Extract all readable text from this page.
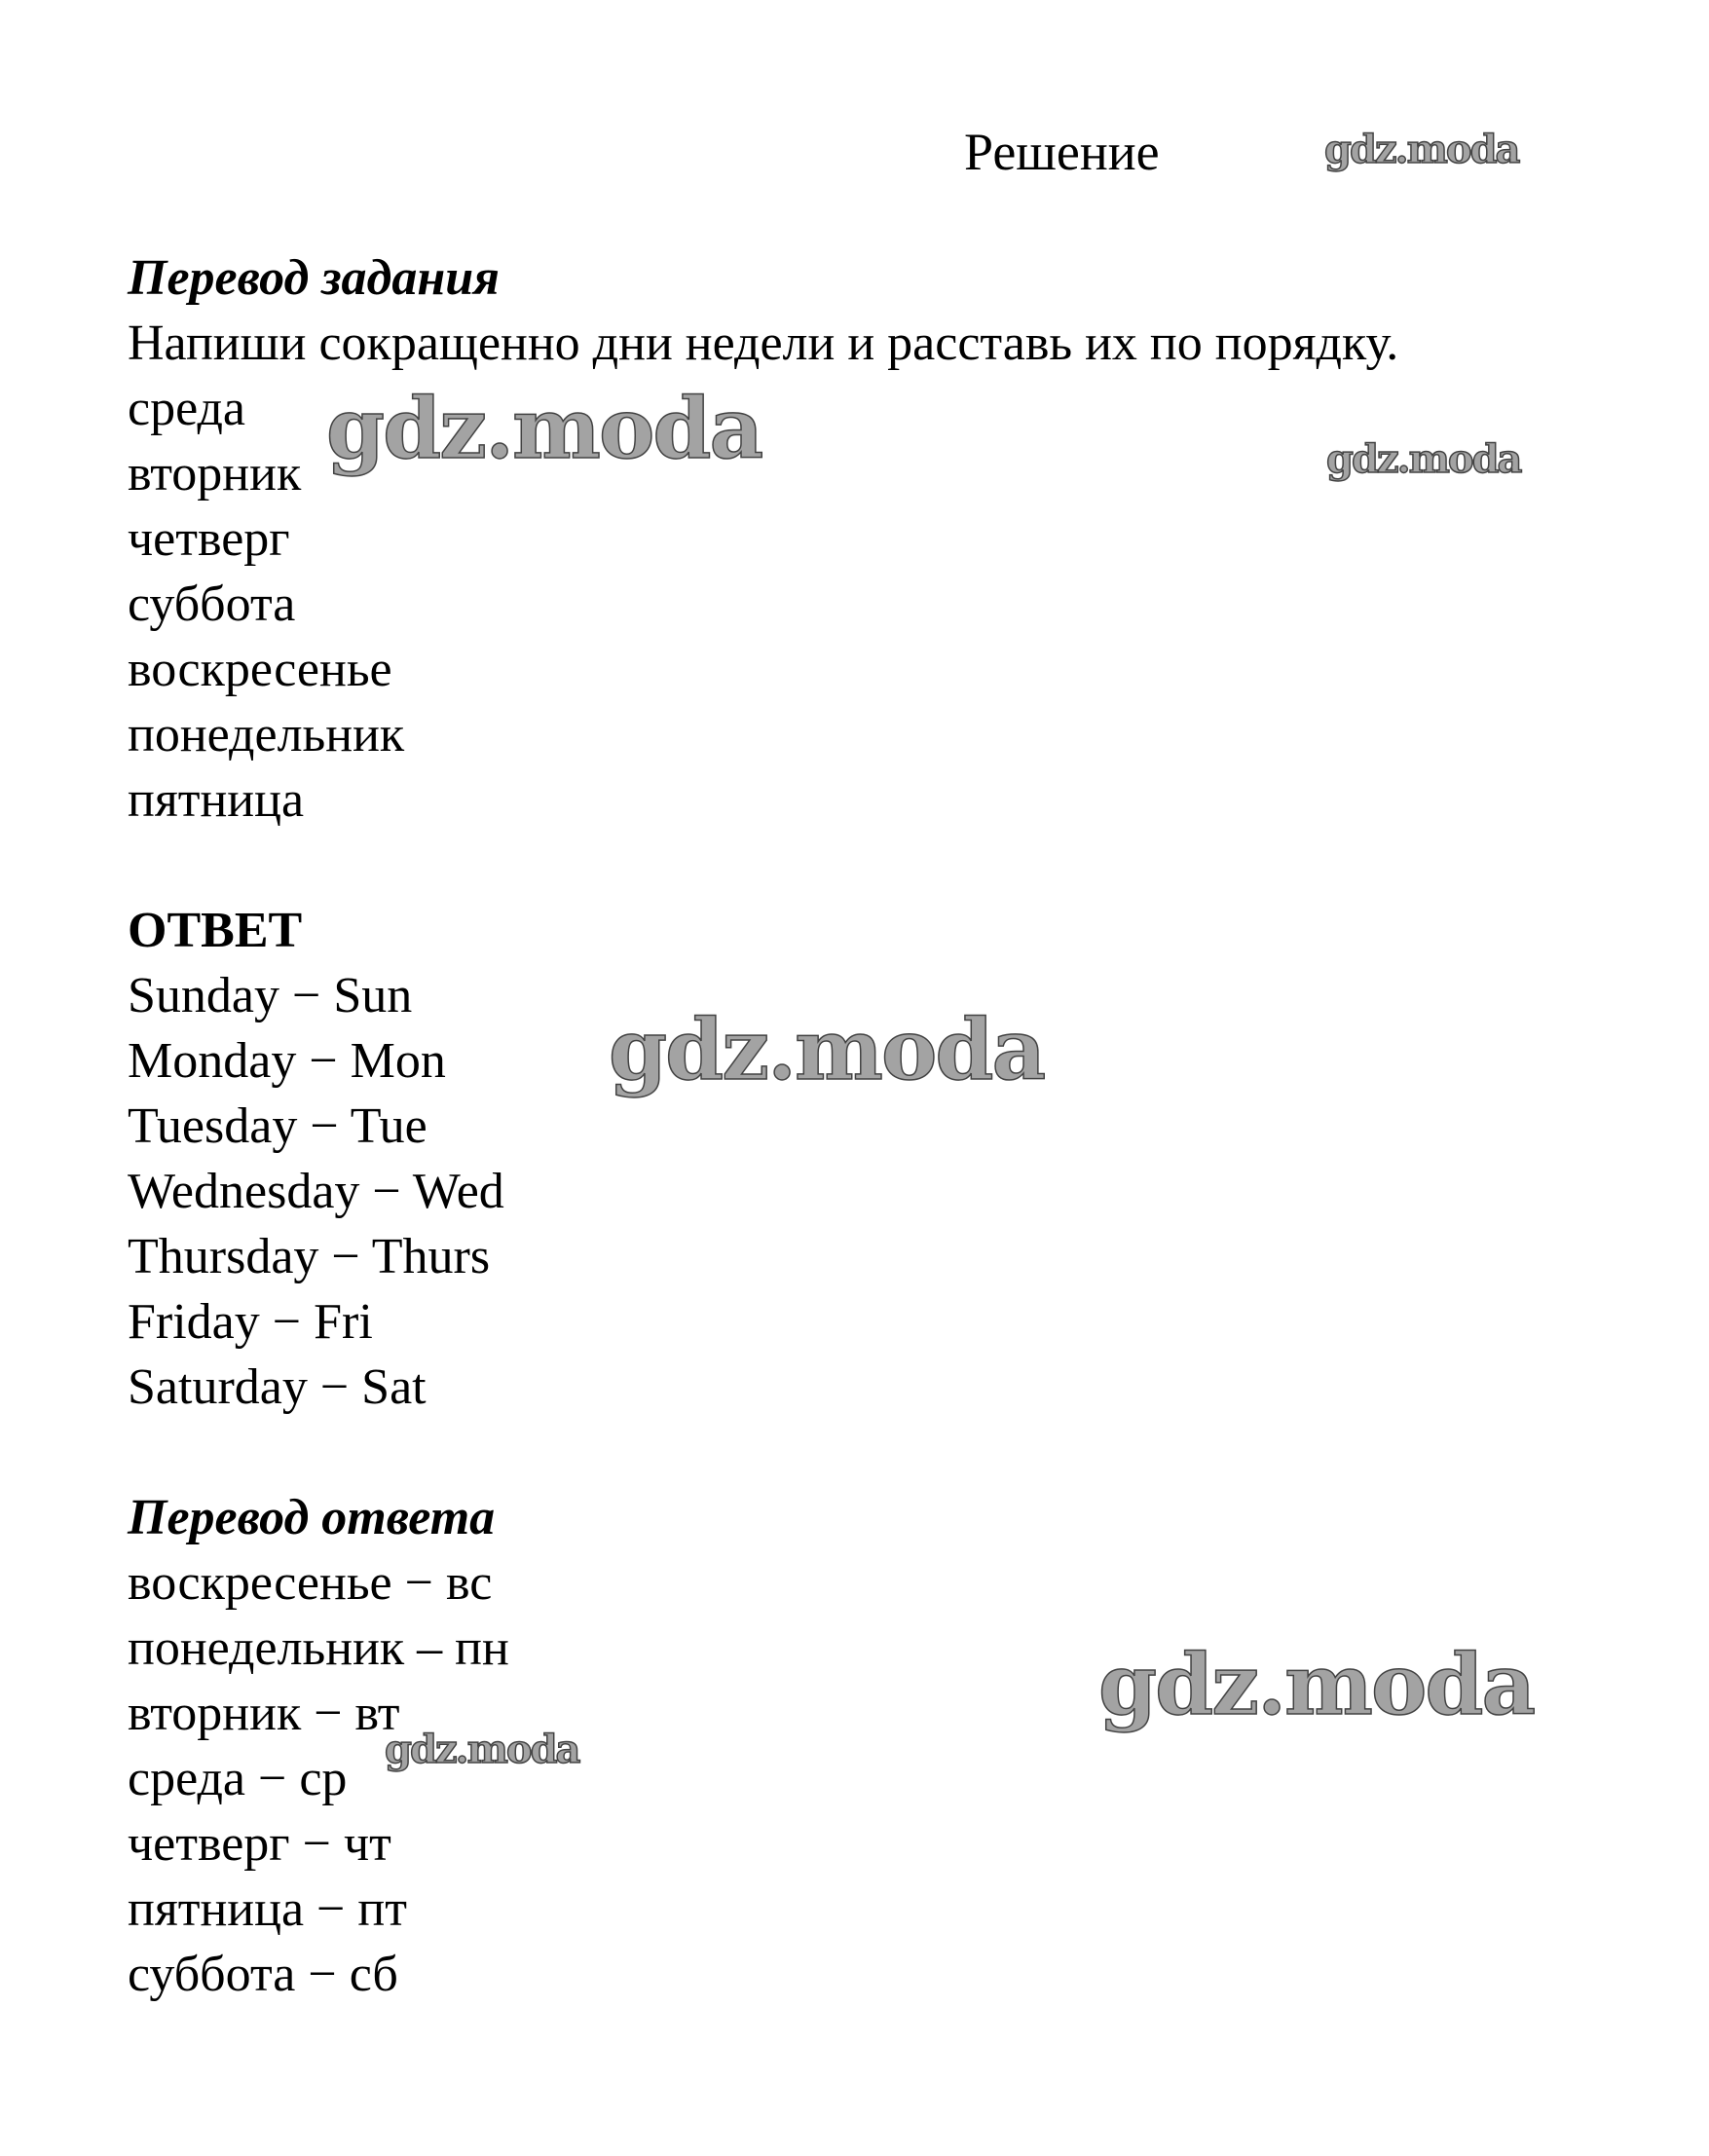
Решение
Перевод задания
Напиши сокращенно дни недели и расставь их по порядку.
среда
вторник
четверг
суббота
воскресенье
понедельник
пятница
ОТВЕТ
Sunday − Sun
Monday − Mon
Tuesday − Tue
Wednesday − Wed
Thursday − Thurs
Friday − Fri
Saturday − Sat
Перевод ответа
воскресенье − вс
понедельник – пн
вторник − вт
среда − ср
четверг − чт
пятница − пт
суббота − сб
gdz.moda
gdz.moda	gdz.moda
gdz.moda
gdz.moda
gdz.moda
